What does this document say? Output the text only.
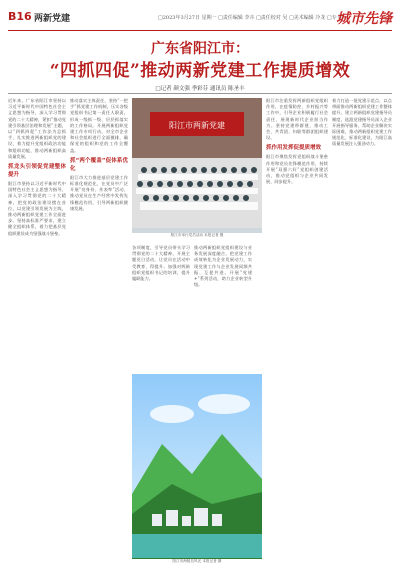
B16 两新党建	□2023年3月27日 星期一 □责任编辑 李卉 □责任校对 吴 □美术编辑 冷龙 □专 版
城市先锋
广东省阳江市：
“四抓四促”推动两新党建工作提质增效
□记者 颜文强 季彩芬 通讯员 陈圣丰
近年来，广东省阳江市坚持以习近平新时代中国特色社会主义思想为指导，深入学习贯彻党的二十大精神，紧扣“推动党建引领基层治理和发展”主题，以“四抓四促”工作法为总抓手，扎实推进两新组织党的建设，着力提升党组织政治功能和组织功能，推动两新组织高质量发展。
抓龙头引领促党建整体提升
阳江市坚持以习近平新时代中国特色社会主义思想为指导，深入学习贯彻党的二十大精神，把党的政治建设摆在首位，以党建引领发展为主线，推动两新组织党建工作全面进步。坚持高标准严要求，建立健全组织体系，着力把基层党组织建设成为坚强战斗堡垒。
推动落实主体责任，坚持“一把手”抓党建工作机制，压实各级党组织书记第一责任人职责，形成一级抓一级、层层抓落实的工作格局。开展两新组织党建工作专项行动，对全市企业和社会组织进行全面摸排，确保党的组织和党的工作全覆盖。
抓“两个覆盖”促体系优化
阳江市大力推进基层党建工作标准化规范化，在党员中广泛开展“亮身份、作表率”活动，推动党员在生产经营中发挥先锋模范作用，引导两新组织健康发展。
阳江市两新党建
阳江市举行党员活动 本报记者 摄
各项制度，引导党员带头学习贯彻党的二十大精神，开展主题党日活动，让党员在活动中受教育、得提升。加强对两新组织党组织书记的培训，提升履职能力。
推动两新组织党组织建设与业务发展深度融合，把党建工作成效转化为企业发展动力，实现党建工作与企业发展同频共振、互促共进。开展“党建+”系列活动，助力企业转型升级。
阳江市海陵岛风光 本报记者 摄
阳江市注重发挥两新组织党组织作用，在疫情防控、乡村振兴等工作中，引导企业积极履行社会责任，展现新时代企业担当作为。坚持党建带群建，推动工会、共青团、妇联等群团组织建设。
抓作用发挥促提质增效
阳江市聚焦发挥党组织战斗堡垒作用和党员先锋模范作用，持续开展“双强六好”党组织创建活动，推动党组织与企业共同发展、同步提升。
着力打造一批党建示范点，以点带面推动两新组织党建工作整体提升。建立两新组织党建指导员制度，选派党建指导员深入企业开展指导服务，帮助企业解决实际困难，推动两新组织党建工作规范化、标准化建设，为阳江高质量发展注入强劲动力。
